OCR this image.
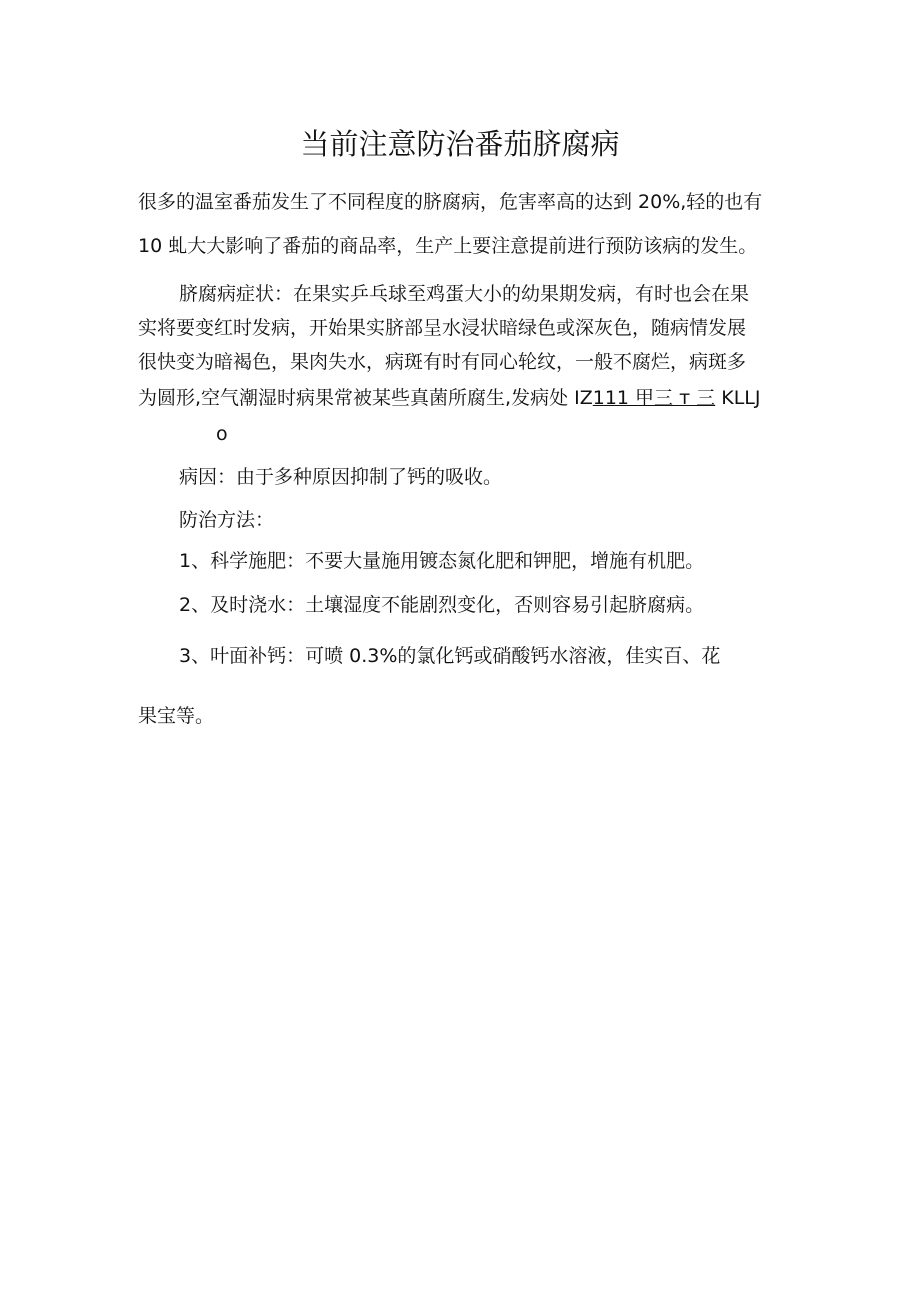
当前注意防治番茄脐腐病

很多的温室番茄发生了不同程度的脐腐病，危害率高的达到 20%,轻的也有

10 虬大大影响了番茄的商品率，生产上要注意提前进行预防该病的发生。

脐腐病症状：在果实乒乓球至鸡蛋大小的幼果期发病，有时也会在果

实将要变红时发病，开始果实脐部呈水浸状暗绿色或深灰色，随病情发展

很快变为暗褐色，果肉失水，病斑有时有同心轮纹，一般不腐烂，病斑多

为圆形,空气潮湿时病果常被某些真菌所腐生,发病处 IZ111 甲三 т 三 KLLJ

o

病因：由于多种原因抑制了钙的吸收。

防治方法：

1、科学施肥：不要大量施用镀态氮化肥和钾肥，增施有机肥。

2、及时浇水：土壤湿度不能剧烈变化，否则容易引起脐腐病。

3、叶面补钙：可喷 0.3%的氯化钙或硝酸钙水溶液，佳实百、花

果宝等。
